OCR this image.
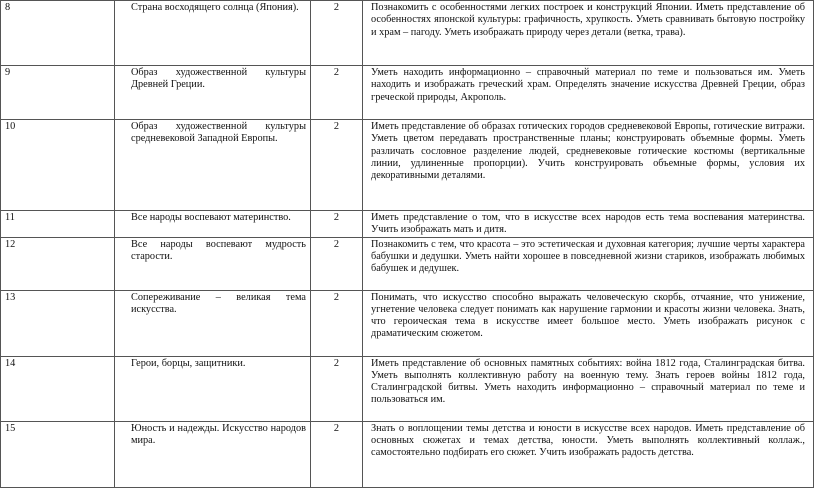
8	Страна восходящего солнца (Япония).	2	Познакомить с особенностями легких построек и конструкций Японии. Иметь представление об особенностях японской культуры: графичность, хрупкость. Уметь сравнивать бытовую постройку и храм – пагоду. Уметь изображать природу через детали (ветка, трава).
9	Образ художественной культуры Древней Греции.	2	Уметь находить информационно – справочный материал по теме и пользоваться им. Уметь находить и изображать греческий храм. Определять значение искусства Древней Греции, образ греческой природы, Акрополь.
10	Образ художественной культуры средневековой Западной Европы.	2	Иметь представление об образах готических городов средневековой Европы, готические витражи. Уметь цветом передавать пространственные планы; конструировать объемные формы. Уметь различать сословное разделение людей, средневековые готические костюмы (вертикальные линии, удлиненные пропорции). Учить конструировать объемные формы, условия их декоративными деталями.
11	Все народы воспевают материнство.	2	Иметь представление о том, что в искусстве всех народов есть тема воспевания материнства. Учить изображать мать и дитя.
12	Все народы воспевают мудрость старости.	2	Познакомить с тем, что красота – это эстетическая и духовная категория; лучшие черты характера бабушки и дедушки. Уметь найти хорошее в повседневной жизни стариков, изображать любимых бабушек и дедушек.
13	Сопереживание – великая тема искусства.	2	Понимать, что искусство способно выражать человеческую скорбь, отчаяние, что унижение, угнетение человека следует понимать как нарушение гармонии и красоты жизни человека. Знать, что героическая тема в искусстве имеет большое место. Уметь изображать рисунок с драматическим сюжетом.
14	Герои, борцы, защитники.	2	Иметь представление об основных памятных событиях: война 1812 года, Сталинградская битва. Уметь выполнять коллективную работу на военную тему. Знать героев войны 1812 года, Сталинградской битвы. Уметь находить информационно – справочный материал по теме и пользоваться им.
15	Юность и надежды. Искусство народов мира.	2	Знать о воплощении темы детства и юности в искусстве всех народов. Иметь представление об основных сюжетах и темах детства, юности. Уметь выполнять коллективный коллаж., самостоятельно подбирать его сюжет. Учить изображать радость детства.
